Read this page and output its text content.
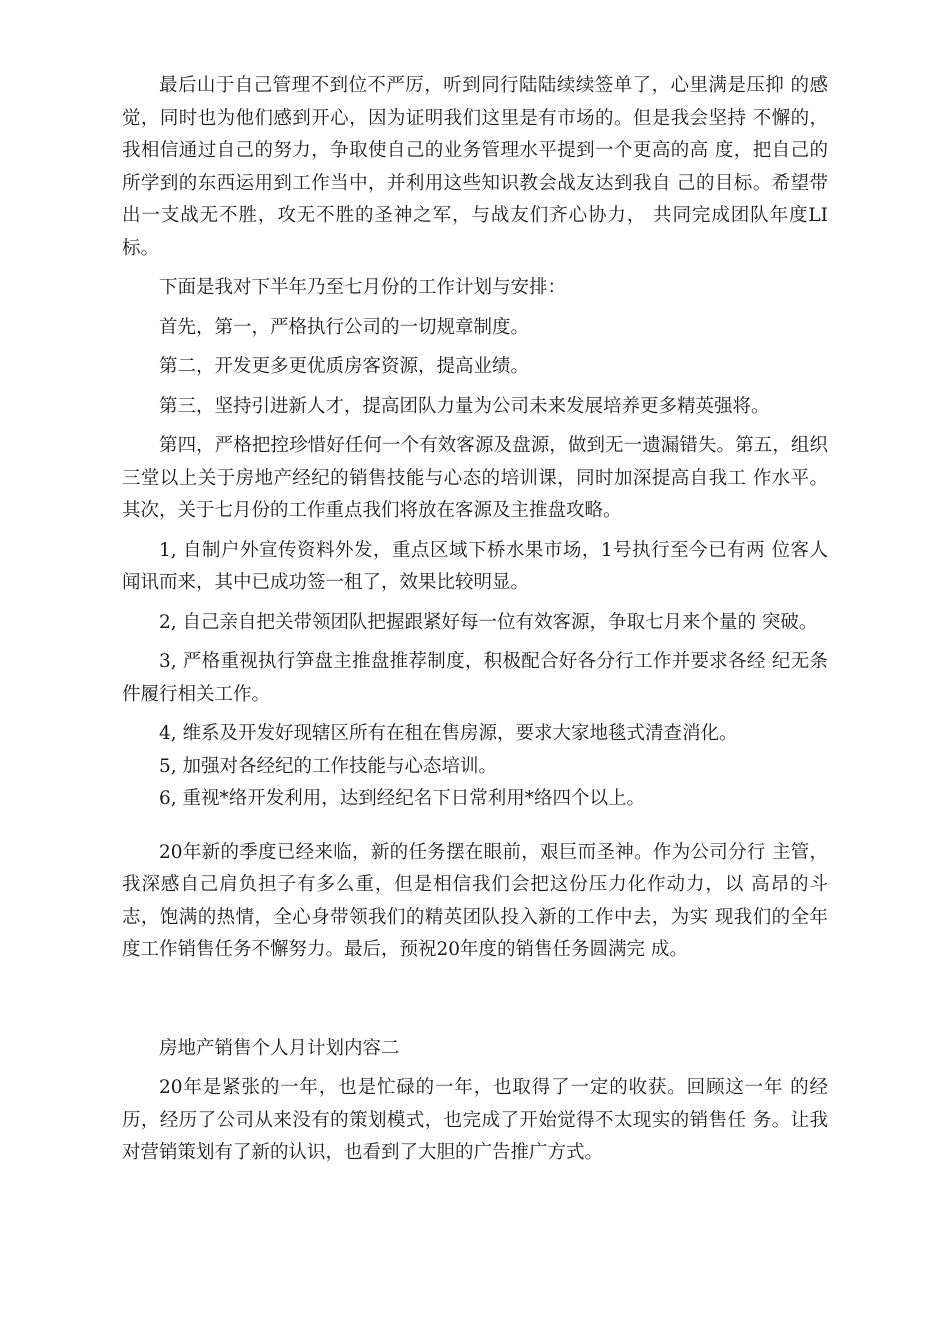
最后山于自己管理不到位不严厉，听到同行陆陆续续签单了，心里满是压抑 的感觉，同时也为他们感到开心，因为证明我们这里是有市场的。但是我会坚持 不懈的，我相信通过自己的努力，争取使自己的业务管理水平提到一个更高的高 度，把自己的所学到的东西运用到工作当中，并利用这些知识教会战友达到我自 己的目标。希望带出一支战无不胜，攻无不胜的圣神之军，与战友们齐心协力， 共同完成团队年度LI标。

下面是我对下半年乃至七月份的工作计划与安排：

首先，第一，严格执行公司的一切规章制度。

第二，开发更多更优质房客资源，提高业绩。

第三，坚持引进新人才，提高团队力量为公司未来发展培养更多精英强将。

第四，严格把控珍惜好任何一个有效客源及盘源，做到无一遗漏错失。第五，组织三堂以上关于房地产经纪的销售技能与心态的培训课，同时加深提高自我工 作水平。其次，关于七月份的工作重点我们将放在客源及主推盘攻略。

1, 自制户外宣传资料外发，重点区域下桥水果市场，1号执行至今已有两 位客人闻讯而来，其中已成功签一租了，效果比较明显。

2, 自己亲自把关带领团队把握跟紧好每一位有效客源，争取七月来个量的 突破。

3, 严格重视执行笋盘主推盘推荐制度，积极配合好各分行工作并要求各经 纪无条件履行相关工作。

4, 维系及开发好现辖区所有在租在售房源，要求大家地毯式清查消化。

5, 加强对各经纪的工作技能与心态培训。

6, 重视*络开发利用，达到经纪名下日常利用*络四个以上。

20年新的季度已经来临，新的任务摆在眼前，艰巨而圣神。作为公司分行 主管，我深感自己肩负担子有多么重，但是相信我们会把这份压力化作动力，以 高昂的斗志，饱满的热情，全心身带领我们的精英团队投入新的工作中去，为实 现我们的全年度工作销售任务不懈努力。最后，预祝20年度的销售任务圆满完 成。

房地产销售个人月计划内容二

20年是紧张的一年，也是忙碌的一年，也取得了一定的收获。回顾这一年 的经历，经历了公司从来没有的策划模式，也完成了开始觉得不太现实的销售任 务。让我对营销策划有了新的认识，也看到了大胆的广告推广方式。
